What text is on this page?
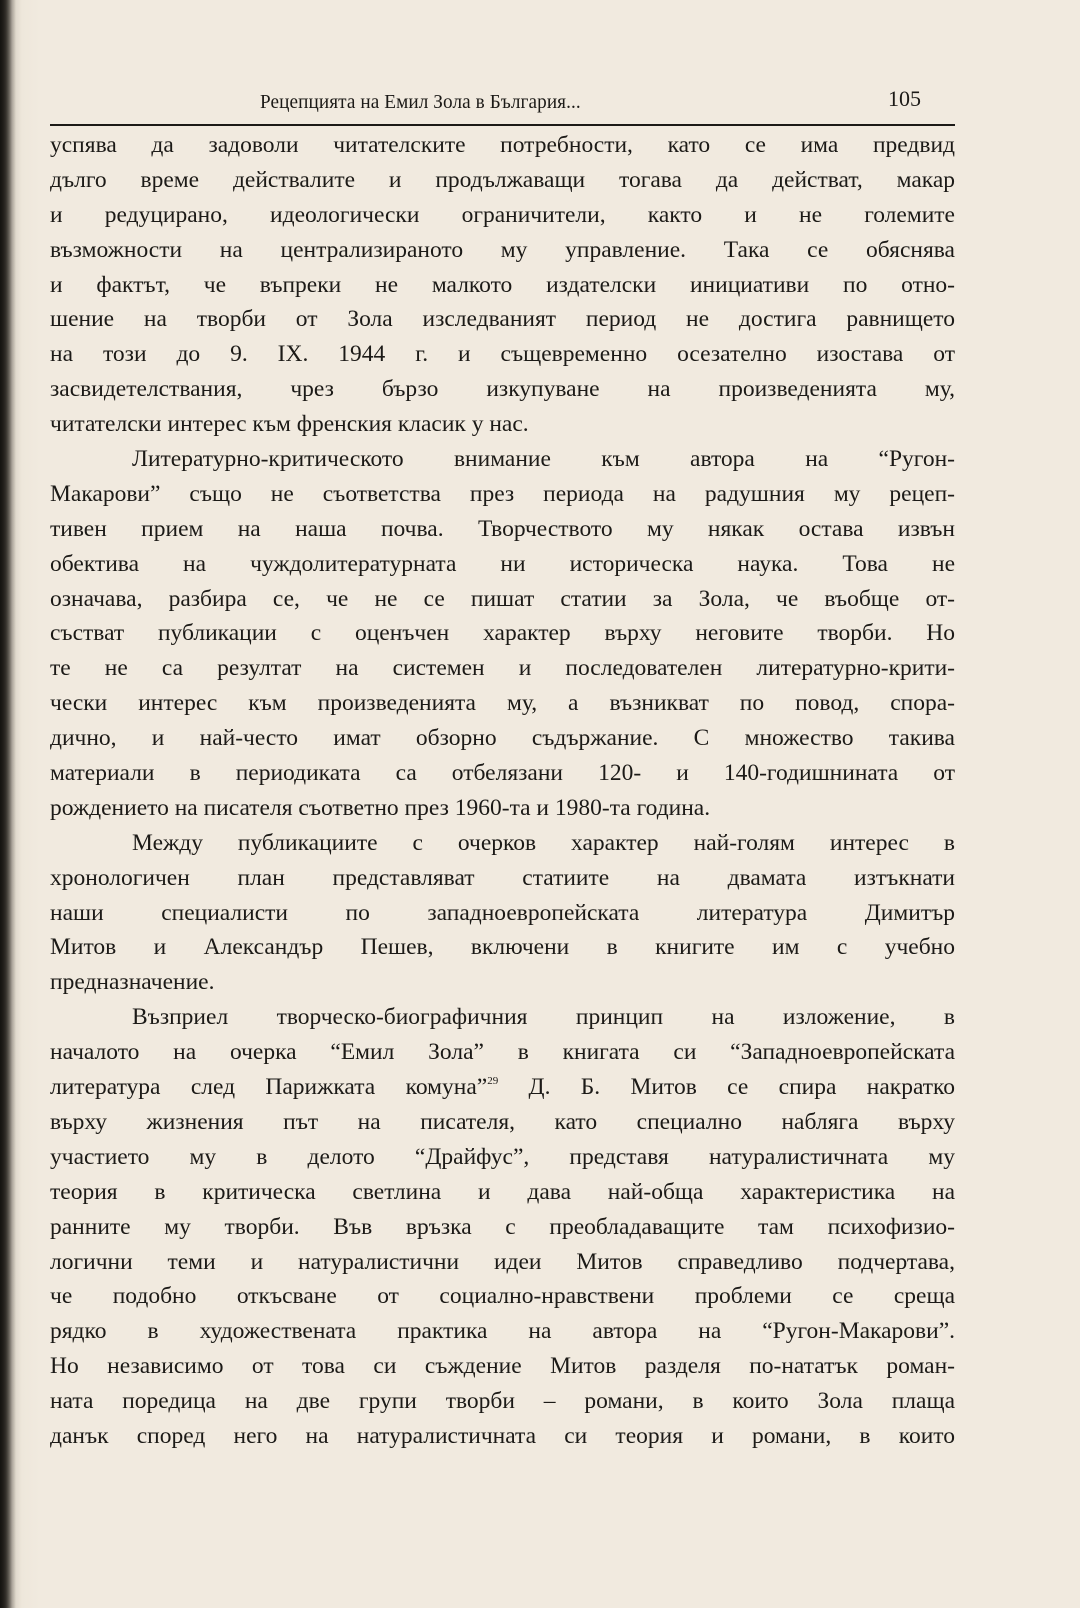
Рецепцията на Емил Зола в България...	105
успява да задоволи читателските потребности, като се има предвид
дълго време действалите и продължаващи тогава да действат, макар
и редуцирано, идеологически ограничители, както и не големите
възможности на централизираното му управление. Така се обяснява
и фактът, че въпреки не малкото издателски инициативи по отно-
шение на творби от Зола изследваният период не достига равнището
на този до 9. IX. 1944 г. и същевременно осезателно изостава от
засвидетелствания, чрез бързо изкупуване на произведенията му,
читателски интерес към френския класик у нас.
Литературно-критическото внимание към автора на “Ругон-
Макарови” също не съответства през периода на радушния му рецеп-
тивен прием на наша почва. Творчеството му някак остава извън
обектива на чуждолитературната ни историческа наука. Това не
означава, разбира се, че не се пишат статии за Зола, че въобще от-
състват публикации с оценъчен характер върху неговите творби. Но
те не са резултат на системен и последователен литературно-крити-
чески интерес към произведенията му, а възникват по повод, спора-
дично, и най-често имат обзорно съдържание. С множество такива
материали в периодиката са отбелязани 120- и 140-годишнината от
рождението на писателя съответно през 1960-та и 1980-та година.
Между публикациите с очерков характер най-голям интерес в
хронологичен план представляват статиите на двамата изтъкнати
наши специалисти по западноевропейската литература Димитър
Митов и Александър Пешев, включени в книгите им с учебно
предназначение.
Възприел творческо-биографичния принцип на изложение, в
началото на очерка “Емил Зола” в книгата си “Западноевропейската
литература след Парижката комуна”$^{29}$ Д. Б. Митов се спира накратко
върху жизнения път на писателя, като специално набляга върху
участието му в делото “Драйфус”, представя натуралистичната му
теория в критическа светлина и дава най-обща характеристика на
ранните му творби. Във връзка с преобладаващите там психофизио-
логични теми и натуралистични идеи Митов справедливо подчертава,
че подобно откъсване от социално-нравствени проблеми се среща
рядко в художествената практика на автора на “Ругон-Макарови”.
Но независимо от това си съждение Митов разделя по-нататък роман-
ната поредица на две групи творби – романи, в които Зола плаща
данък според него на натуралистичната си теория и романи, в които
